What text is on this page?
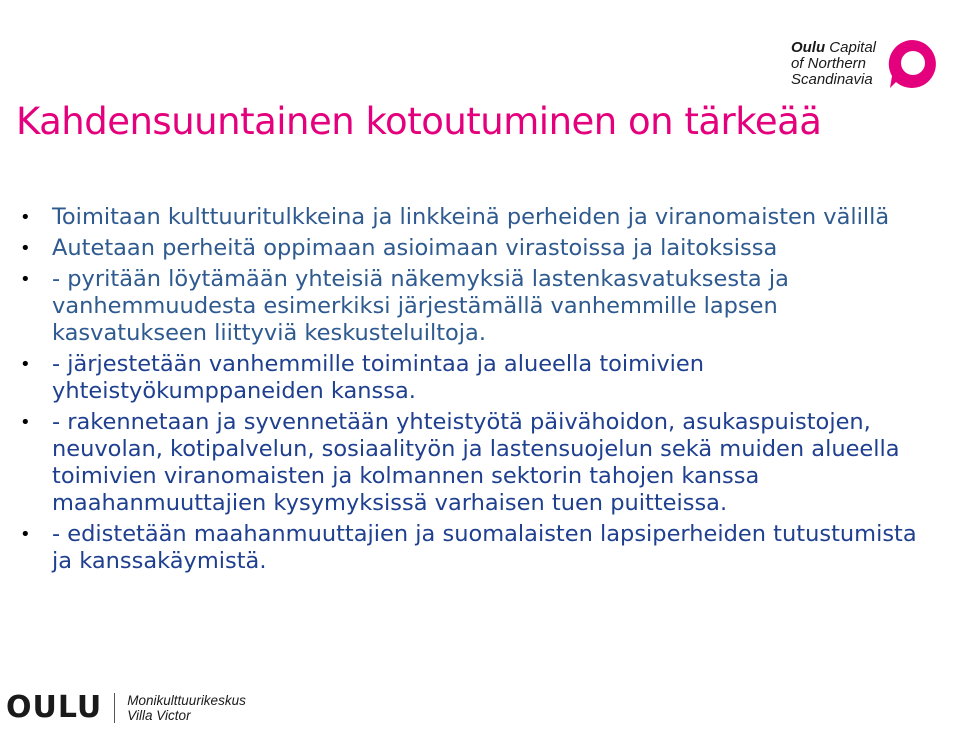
Oulu Capital
of Northern
Scandinavia
Kahdensuuntainen kotoutuminen on tärkeää
• Toimitaan kulttuuritulkkeina ja linkkeinä perheiden ja viranomaisten välillä
• Autetaan perheitä oppimaan asioimaan virastoissa ja laitoksissa
• - pyritään löytämään yhteisiä näkemyksiä lastenkasvatuksesta ja vanhemmuudesta esimerkiksi järjestämällä vanhemmille lapsen kasvatukseen liittyviä keskusteluiltoja.
• - järjestetään vanhemmille toimintaa ja alueella toimivien yhteistyökumppaneiden kanssa.
• - rakennetaan ja syvennetään yhteistyötä päivähoidon, asukaspuistojen, neuvolan, kotipalvelun, sosiaalityön ja lastensuojelun sekä muiden alueella toimivien viranomaisten ja kolmannen sektorin tahojen kanssa maahanmuuttajien kysymyksissä varhaisen tuen puitteissa.
• - edistetään maahanmuuttajien ja suomalaisten lapsiperheiden tutustumista ja kanssakäymistä.
OULU Monikulttuurikeskus
Villa Victor
